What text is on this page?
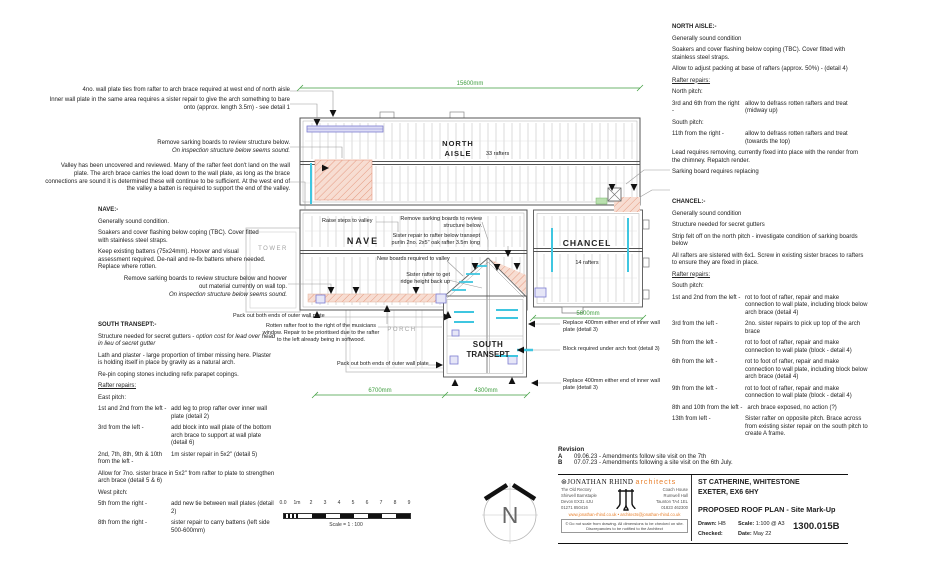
15600mm
5600mm
6700mm	4300mm
NORTH
AISLE	33 rafters
NAVE	CHANCEL
14 rafters
TOWER
PORCH
SOUTH
TRANSEPT
4no. wall plate ties from rafter to arch brace required at west end of north aisle
Inner wall plate in the same area requires a sister repair to give the arch something to bare onto (approx. length 3.5m) - see detail 1
Remove sarking boards to review structure below.
On inspection structure below seems sound.
Valley has been uncovered and reviewed. Many of the rafter feet don't land on the wall plate. The arch brace carries the load down to the wall plate, as long as the brace connections are sound it is determined these will continue to be sufficient. At the west end of the valley a batten is required to support the end of the valley.
NAVE:-

Generally sound condition.

Soakers and cover flashing below coping (TBC). Cover fitted with stainless steel straps.

Keep existing battens (75x24mm). Hoover and visual assessment required. De-nail and re-fix battens where needed. Replace where rotten.

Remove sarking boards to review structure below and hoover out material currently on wall top.
On inspection structure below seems sound.
SOUTH TRANSEPT:-

Structure needed for secret gutters - option cost for lead over head in lieu of secret gutter

Lath and plaster - large proportion of timber missing here. Plaster is holding itself in place by gravity as a natural arch.

Re-pin coping stones including refix parapet copings.

Rafter repairs:

East pitch:

1st and 2nd from the left - add leg to prop rafter over inner wall plate (detail 2)
3rd from the left -	add block into wall plate of the bottom arch brace to support at wall plate (detail 6)
2nd, 7th, 8th, 9th & 10th from the left -
1m sister repair in 5x2" (detail 5)

Allow for 7no. sister brace in 5x2" from rafter to plate to strengthen arch brace (detail 5 & 6)

West pitch:

5th from the right -	add new tie between wall plates (detail 2)
8th from the right -	sister repair to carry battens (left side 500-600mm)
NORTH AISLE:-

Generally sound condition

Soakers and cover flashing below coping (TBC). Cover fitted with stainless steel straps.

Allow to adjust packing at base of rafters (approx. 50%) - (detail 4)

Rafter repairs:

North pitch:

3rd and 6th from the right -
allow to defrass rotten rafters and treat (midway up)

South pitch:

11th from the right -	allow to defrass rotten rafters and treat (towards the top)

Lead requires removing, currently fixed into place with the render from the chimney. Repatch render.

Sarking board requires replacing

CHANCEL:-

Generally sound condition

Structure needed for secret gutters

Strip felt off on the north pitch - investigate condition of sarking boards below

All rafters are sistered with 6x1. Screw in existing sister braces to rafters to ensure they are fixed in place.

Rafter repairs:

South pitch:

1st and 2nd from the left - rot to foot of rafter, repair and make connection to wall plate, including block below arch brace (detail 4)
3rd from the left -	2no. sister repairs to pick up top of the arch brace
5th from the left -	rot to foot of rafter, repair and make connection to wall plate (block - detail 4)
6th from the left -	rot to foot of rafter, repair and make connection to wall plate, including block below arch brace (detail 4)
9th from the left -	rot to foot of rafter, repair and make connection to wall plate (block - detail 4)

8th and 10th from the left - arch brace exposed, no action (?)

13th from left -	Sister rafter on opposite pitch. Brace across from existing sister repair on the south pitch to create A frame.
Raise steps to valley	Remove sarking boards to review structure below.
Sister repair to rafter below transept purlin 2no. 2x5" oak rafter 3.5m long
New boards required to valley
Sister rafter to get ridge height back up
Pack out both ends of outer wall plate
Rotten rafter foot to the right of the musicians window. Repair to be prioritised due to the rafter to the left already being in softwood.
Pack out both ends of outer wall plate
Replace 400mm either end of inner wall plate (detail 3)
Block required under arch foot (detail 3)
Replace 400mm either end of inner wall plate (detail 3)
0.0 1m 2 3 4 5 6 7 8 9
Scale = 1 : 100	N
Revision
A	09.06.23 - Amendments follow site visit on the 7th
B	07.07.23 - Amendments following a site visit on the 6th July.
⊛JONATHAN RHIND architects
The Old Rectory
Shirwell Barnstaple
Devon EX31 4JU
01271 850416
Coach House
Rumwell Hall
Taunton TA4 1EL
01823 462300
www.jonathan-rhind.co.uk • architects@jonathan-rhind.co.uk
© Do not scale from drawing. All dimensions to be checked on site.
Discrepancies to be notified to the Architect
ST CATHERINE, WHITESTONE
EXETER, EX6 6HY
PROPOSED ROOF PLAN - Site Mark-Up
Drawn: HB Scale: 1:100 @ A3
Checked:	Date: May 22
1300.015B
